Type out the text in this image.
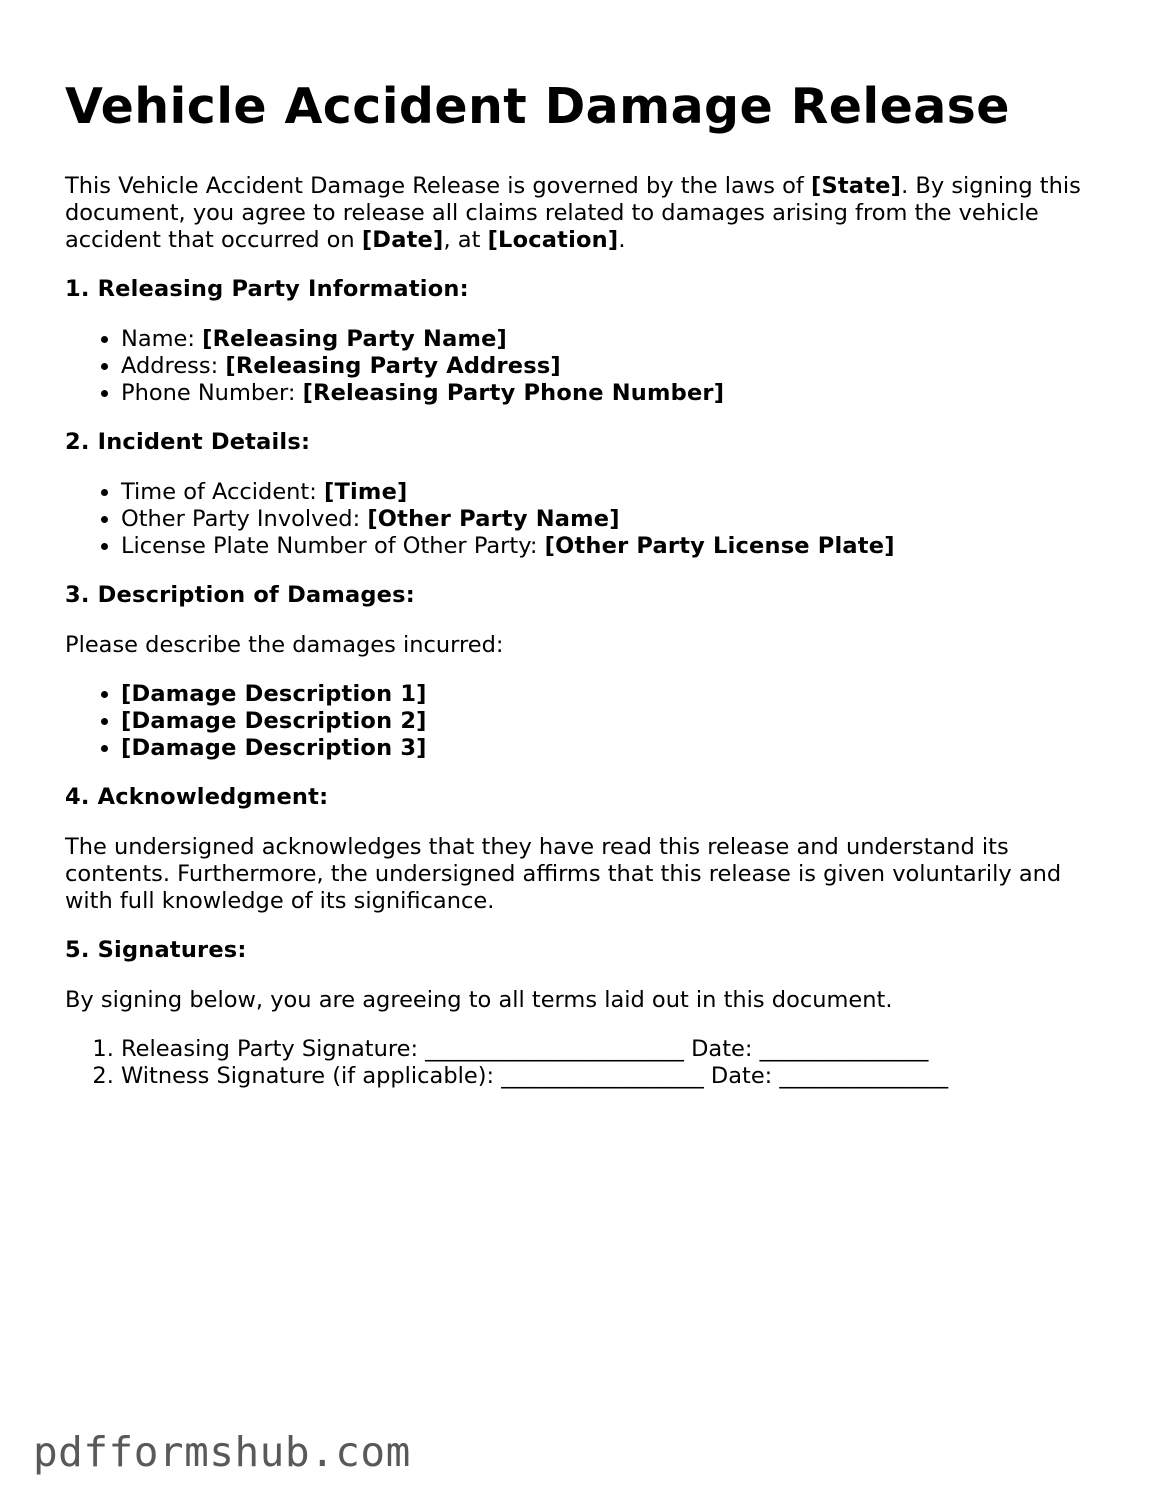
Vehicle Accident Damage Release

This Vehicle Accident Damage Release is governed by the laws of [State]. By signing this document, you agree to release all claims related to damages arising from the vehicle accident that occurred on [Date], at [Location].

1. Releasing Party Information:
• Name: [Releasing Party Name]
• Address: [Releasing Party Address]
• Phone Number: [Releasing Party Phone Number]
2. Incident Details:
• Time of Accident: [Time]
• Other Party Involved: [Other Party Name]
• License Plate Number of Other Party: [Other Party License Plate]
3. Description of Damages:

Please describe the damages incurred:

• [Damage Description 1]
• [Damage Description 2]
• [Damage Description 3]
4. Acknowledgment:

The undersigned acknowledges that they have read this release and understand its contents. Furthermore, the undersigned affirms that this release is given voluntarily and with full knowledge of its significance.

5. Signatures:

By signing below, you are agreeing to all terms laid out in this document.

1. Releasing Party Signature: _______________________ Date: _______________
2. Witness Signature (if applicable): __________________ Date: _______________
pdfformshub.com
